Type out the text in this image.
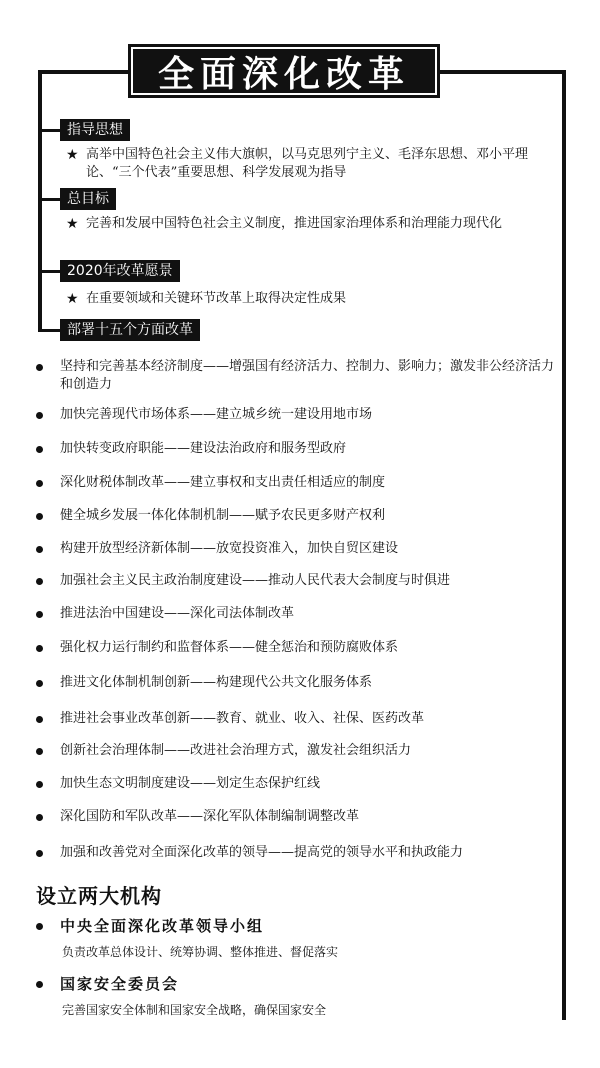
全面深化改革
指导思想
★ 高举中国特色社会主义伟大旗帜，以马克思列宁主义、毛泽东思想、邓小平理论、“三个代表”重要思想、科学发展观为指导
总目标
★ 完善和发展中国特色社会主义制度，推进国家治理体系和治理能力现代化
2020年改革愿景
★ 在重要领域和关键环节改革上取得决定性成果
部署十五个方面改革
坚持和完善基本经济制度——增强国有经济活力、控制力、影响力；激发非公经济活力和创造力
加快完善现代市场体系——建立城乡统一建设用地市场
加快转变政府职能——建设法治政府和服务型政府
深化财税体制改革——建立事权和支出责任相适应的制度
健全城乡发展一体化体制机制——赋予农民更多财产权利
构建开放型经济新体制——放宽投资准入，加快自贸区建设
加强社会主义民主政治制度建设——推动人民代表大会制度与时俱进
推进法治中国建设——深化司法体制改革
强化权力运行制约和监督体系——健全惩治和预防腐败体系
推进文化体制机制创新——构建现代公共文化服务体系
推进社会事业改革创新——教育、就业、收入、社保、医药改革
创新社会治理体制——改进社会治理方式，激发社会组织活力
加快生态文明制度建设——划定生态保护红线
深化国防和军队改革——深化军队体制编制调整改革
加强和改善党对全面深化改革的领导——提高党的领导水平和执政能力
设立两大机构
中央全面深化改革领导小组
负责改革总体设计、统筹协调、整体推进、督促落实
国家安全委员会
完善国家安全体制和国家安全战略，确保国家安全
